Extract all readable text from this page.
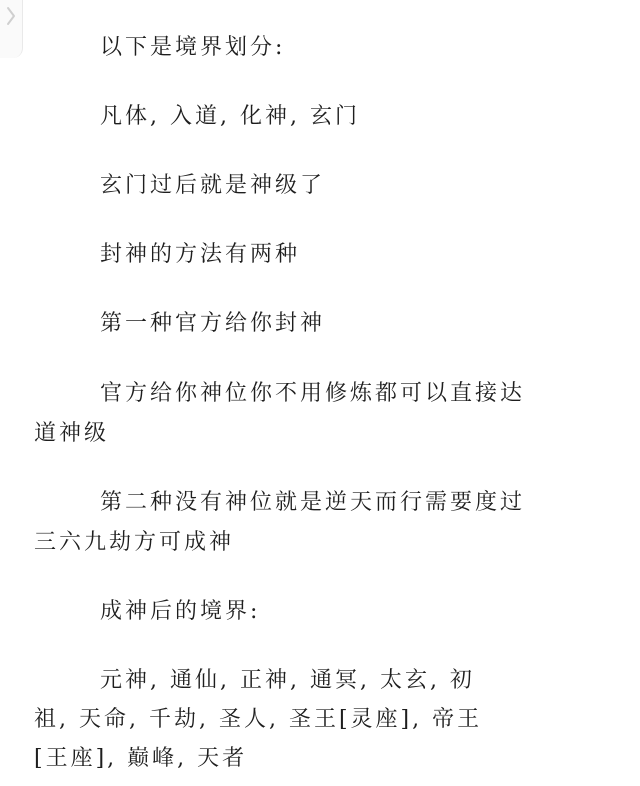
以下是境界划分:

凡体, 入道, 化神, 玄门

玄门过后就是神级了

封神的方法有两种

第一种官方给你封神

官方给你神位你不用修炼都可以直接达

道神级

第二种没有神位就是逆天而行需要度过

三六九劫方可成神

成神后的境界:

元神, 通仙, 正神, 通冥, 太玄, 初

祖, 天命, 千劫, 圣人, 圣王[灵座], 帝王

[王座], 巅峰, 天者
